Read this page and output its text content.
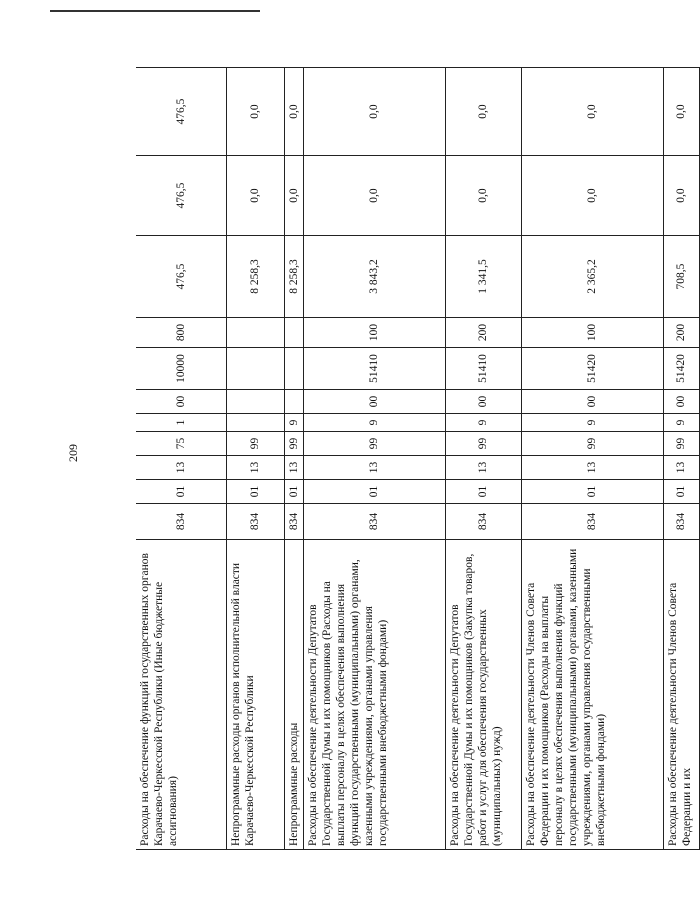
209
Расходы на обеспечение функций государственных органов Карачаево-Черкесской Республики (Иные бюджетные ассигнования)	834	01	13	75	1	00	10000	800	476,5	476,5	476,5
Непрограммные расходы органов исполнительной власти Карачаево-Черкесской Республики	834	01	13	99					8 258,3	0,0	0,0
Непрограммные расходы	834	01	13	99	9				8 258,3	0,0	0,0
Расходы на обеспечение деятельности Депутатов Государственной Думы и их помощников (Расходы на выплаты персоналу в целях обеспечения выполнения функций государственными (муниципальными) органами, казенными учреждениями, органами управления государственными внебюджетными фондами)	834	01	13	99	9	00	51410	100	3 843,2	0,0	0,0
Расходы на обеспечение деятельности Депутатов Государственной Думы и их помощников (Закупка товаров, работ и услуг для обеспечения государственных (муниципальных) нужд)	834	01	13	99	9	00	51410	200	1 341,5	0,0	0,0
Расходы на обеспечение деятельности Членов Совета Федерации и их помощников (Расходы на выплаты персоналу в целях обеспечения выполнения функций государственными (муниципальными) органами, казенными учреждениями, органами управления государственными внебюджетными фондами)	834	01	13	99	9	00	51420	100	2 365,2	0,0	0,0
Расходы на обеспечение деятельности Членов Совета Федерации и их	834	01	13	99	9	00	51420	200	708,5	0,0	0,0
